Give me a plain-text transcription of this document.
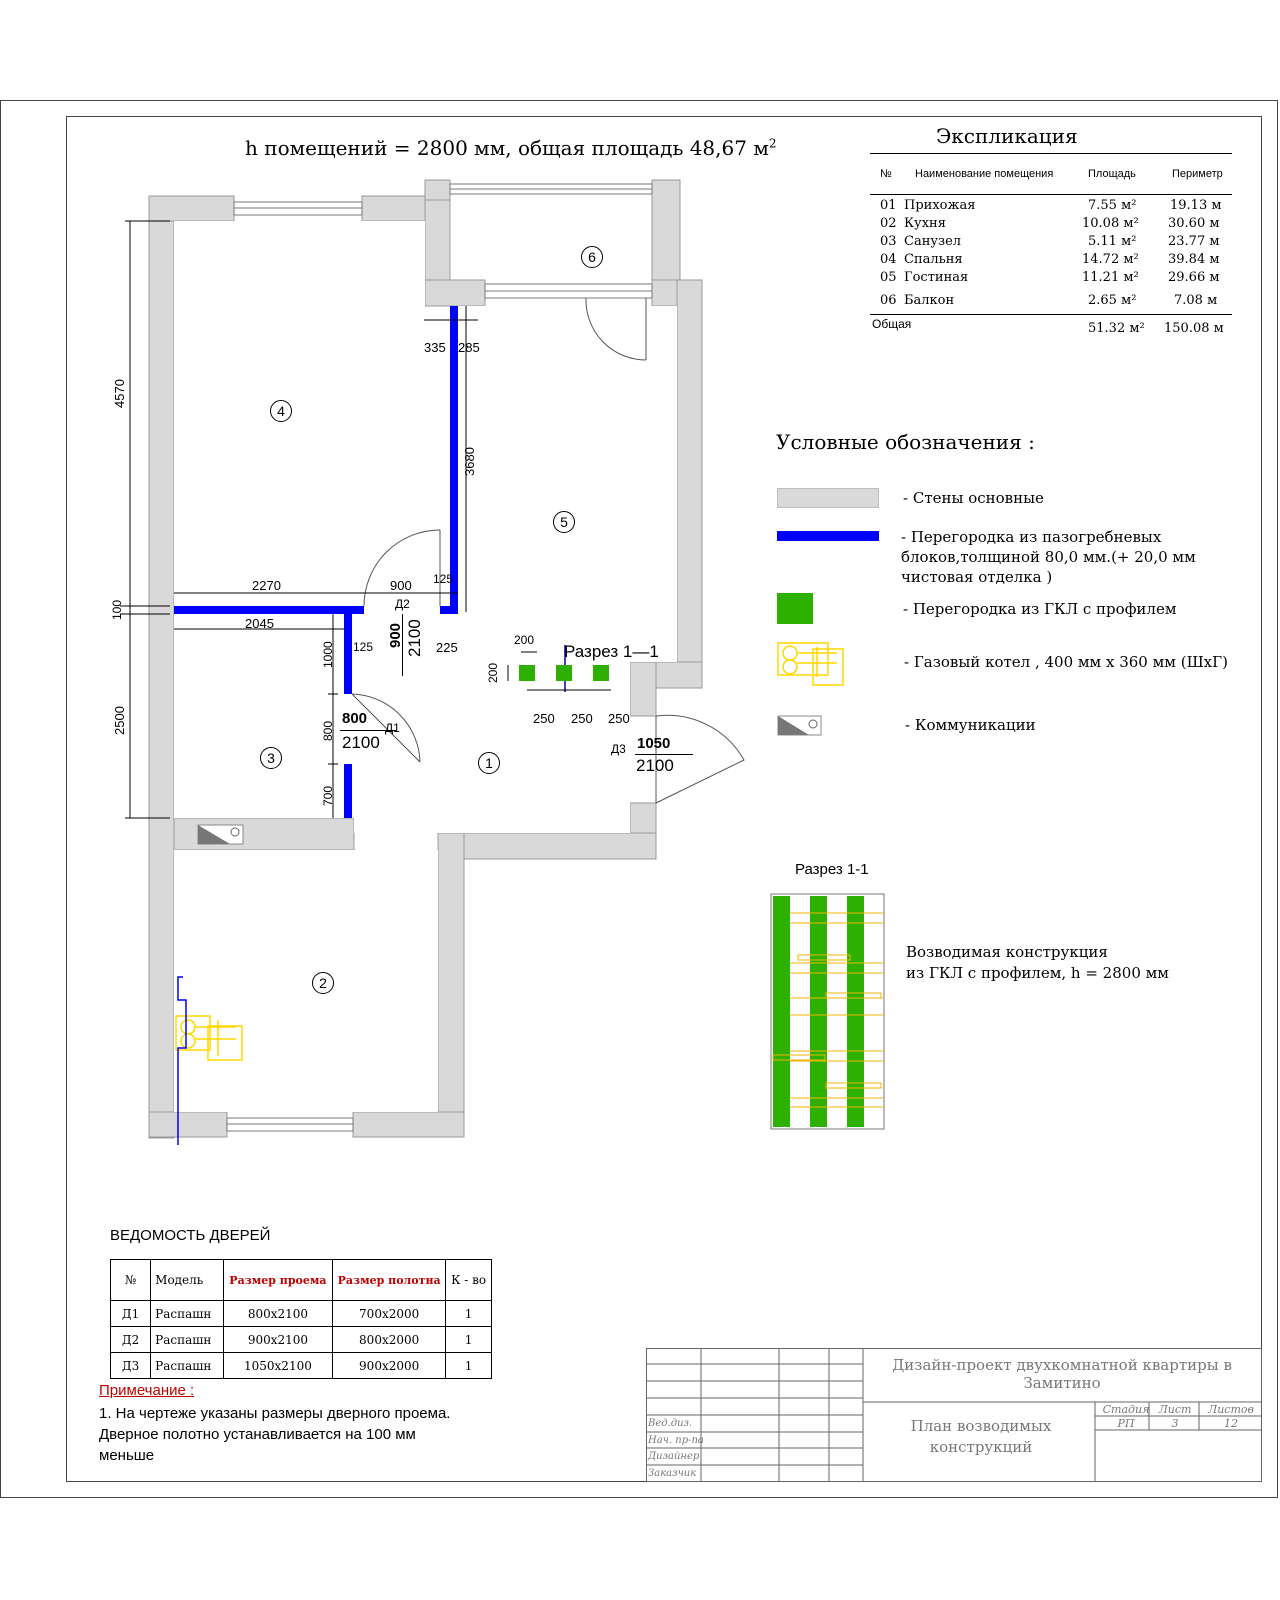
h помещений = 2800 мм, общая площадь 48,67 $м^2$	Экспликация
№ Наименование помещения	Площадь	Периметр
01 Прихожая	7.55 м²	19.13 м
02 Кухня	10.08 м² 30.60 м
03 Санузел	5.11 м² 23.77 м
04 Спальня	14.72 м² 39.84 м
05 Гостиная	11.21 м² 29.66 м
06 Балкон	2.65 м²	7.08 м
Общая	51.32 м² 150.08 м
Условные обозначения :
- Стены основные
- Перегородка из пазогребневых блоков,толщиной 80,0 мм.(+ 20,0 мм чистовая отделка )
- Перегородка из ГКЛ с профилем
- Газовый котел , 400 мм х 360 мм (ШхГ)
- Коммуникации
Разрез 1-1
Возводимая конструкция
из ГКЛ с профилем, h = 2800 мм
4570
100
2500
335 285
3680
2270	900 125
2045
125	225
1000
800
700
200
200
250 250 250
Разрез 1—1
Д2
900 2100
800
Д1
2100	Д3 1050
2100
4
5
6
3	1
2
ВЕДОМОСТЬ ДВЕРЕЙ
№	Модель	Размер проема	Размер полотна	К - во
Д1	Распашн	800х2100	700х2000	1
Д2	Распашн	900х2100	800х2000	1
Д3	Распашн	1050х2100	900х2000	1
Примечание :
1. На чертеже указаны размеры дверного проема.
Дверное полотно устанавливается на 100 мм
меньше
Дизайн-проект двухкомнатной квартиры в
Замитино
План возводимых
конструкций
Стадия
РП
Лист
3
Листов
12
Вед.диз.
Нач. пр-па
Дизайнер
Заказчик
